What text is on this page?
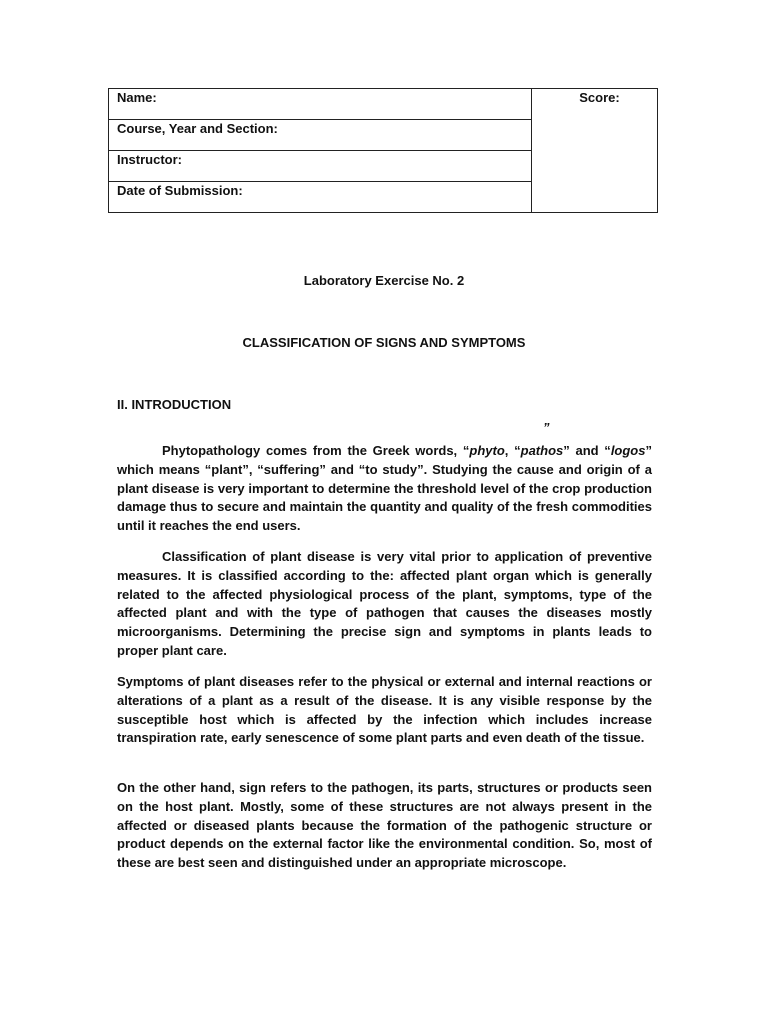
Name:
Course, Year and Section:
Instructor:
Date of Submission:
Score:
Laboratory Exercise No. 2
CLASSIFICATION OF SIGNS AND SYMPTOMS
II. INTRODUCTION
”

Phytopathology comes from the Greek words, “phyto, “pathos” and “logos” which means “plant”, “suffering” and “to study”. Studying the cause and origin of a plant disease is very important to determine the threshold level of the crop production damage thus to secure and maintain the quantity and quality of the fresh commodities until it reaches the end users.

Classification of plant disease is very vital prior to application of preventive measures. It is classified according to the: affected plant organ which is generally related to the affected physiological process of the plant, symptoms, type of the affected plant and with the type of pathogen that causes the diseases mostly microorganisms. Determining the precise sign and symptoms in plants leads to proper plant care.

Symptoms of plant diseases refer to the physical or external and internal reactions or alterations of a plant as a result of the disease. It is any visible response by the susceptible host which is affected by the infection which includes increase transpiration rate, early senescence of some plant parts and even death of the tissue.

On the other hand, sign refers to the pathogen, its parts, structures or products seen on the host plant. Mostly, some of these structures are not always present in the affected or diseased plants because the formation of the pathogenic structure or product depends on the external factor like the environmental condition. So, most of these are best seen and distinguished under an appropriate microscope.
